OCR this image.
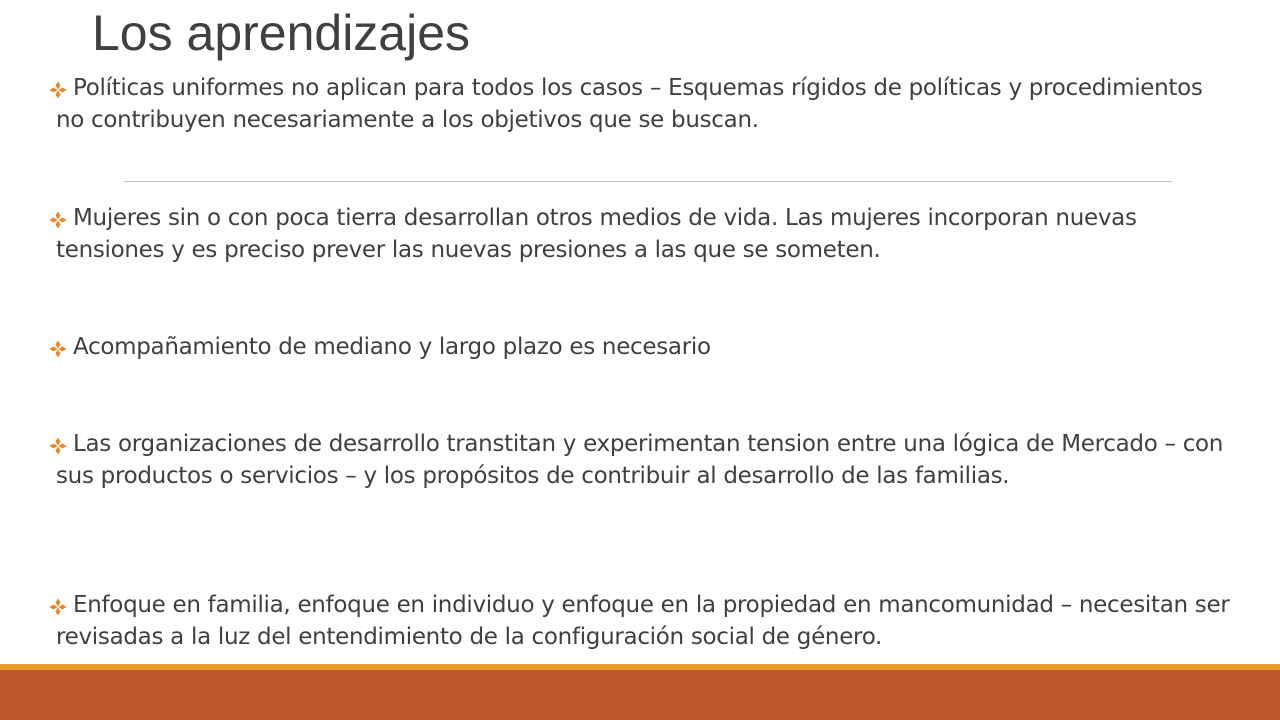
Los aprendizajes
Políticas uniformes no aplican para todos los casos – Esquemas rígidos de políticas y procedimientos no contribuyen necesariamente a los objetivos que se buscan.
Mujeres sin o con poca tierra desarrollan otros medios de vida. Las mujeres incorporan nuevas tensiones y es preciso prever las nuevas presiones a las que se someten.
Acompañamiento de mediano y largo plazo es necesario
Las organizaciones de desarrollo transtitan y experimentan tension entre una lógica de Mercado – con sus productos o servicios – y los propósitos de contribuir al desarrollo de las familias.
Enfoque en familia, enfoque en individuo y enfoque en la propiedad en mancomunidad – necesitan ser revisadas a la luz del entendimiento de la configuración social de género.
